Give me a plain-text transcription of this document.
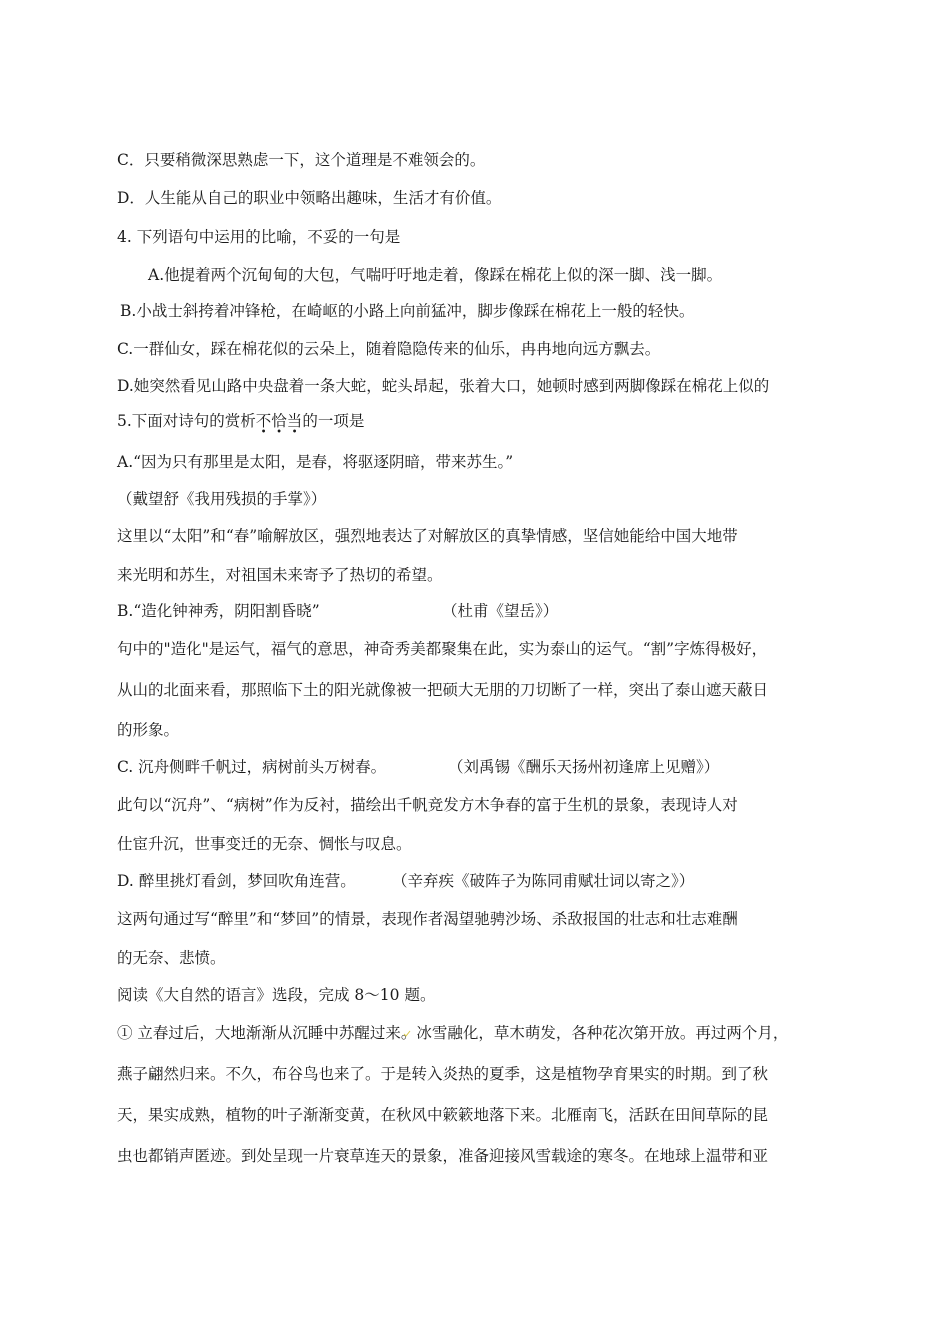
C．只要稍微深思熟虑一下，这个道理是不难领会的。
D．人生能从自己的职业中领略出趣味，生活才有价值。
4. 下列语句中运用的比喻，不妥的一句是
A.他提着两个沉甸甸的大包，气喘吁吁地走着，像踩在棉花上似的深一脚、浅一脚。
B.小战士斜挎着冲锋枪，在崎岖的小路上向前猛冲，脚步像踩在棉花上一般的轻快。
C.一群仙女，踩在棉花似的云朵上，随着隐隐传来的仙乐，冉冉地向远方飘去。
D.她突然看见山路中央盘着一条大蛇，蛇头昂起，张着大口，她顿时感到两脚像踩在棉花上似的
5.下面对诗句的赏析不恰当
• • •
的一项是
A.“因为只有那里是太阳，是春，将驱逐阴暗，带来苏生。”
（戴望舒《我用残损的手掌》）
这里以“太阳”和“春”喻解放区，强烈地表达了对解放区的真挚情感，坚信她能给中国大地带
来光明和苏生，对祖国未来寄予了热切的希望。
B.“造化钟神秀，阴阳割昏晓”	（杜甫《望岳》）
句中的"造化"是运气，福气的意思，神奇秀美都聚集在此，实为泰山的运气。“割”字炼得极好，
从山的北面来看，那照临下土的阳光就像被一把硕大无朋的刀切断了一样，突出了泰山遮天蔽日
的形象。
C. 沉舟侧畔千帆过，病树前头万树春。	（刘禹锡《酬乐天扬州初逢席上见赠》）
此句以“沉舟”、“病树”作为反衬，描绘出千帆竞发方木争春的富于生机的景象，表现诗人对
仕宦升沉，世事变迁的无奈、惆怅与叹息。
D. 醉里挑灯看剑，梦回吹角连营。 （辛弃疾《破阵子为陈同甫赋壮词以寄之》）
这两句通过写“醉里”和“梦回”的情景，表现作者渴望驰骋沙场、杀敌报国的壮志和壮志难酬
的无奈、悲愤。
阅读《大自然的语言》选段，完成 8～10 题。
① 立春过后，大地渐渐从沉睡中苏醒过来。冰雪融化，草木萌发，各种花次第开放。再过两个月，
燕子翩然归来。不久，布谷鸟也来了。于是转入炎热的夏季，这是植物孕育果实的时期。到了秋
天，果实成熟，植物的叶子渐渐变黄，在秋风中簌簌地落下来。北雁南飞，活跃在田间草际的昆
虫也都销声匿迹。到处呈现一片衰草连天的景象，准备迎接风雪载途的寒冬。在地球上温带和亚
